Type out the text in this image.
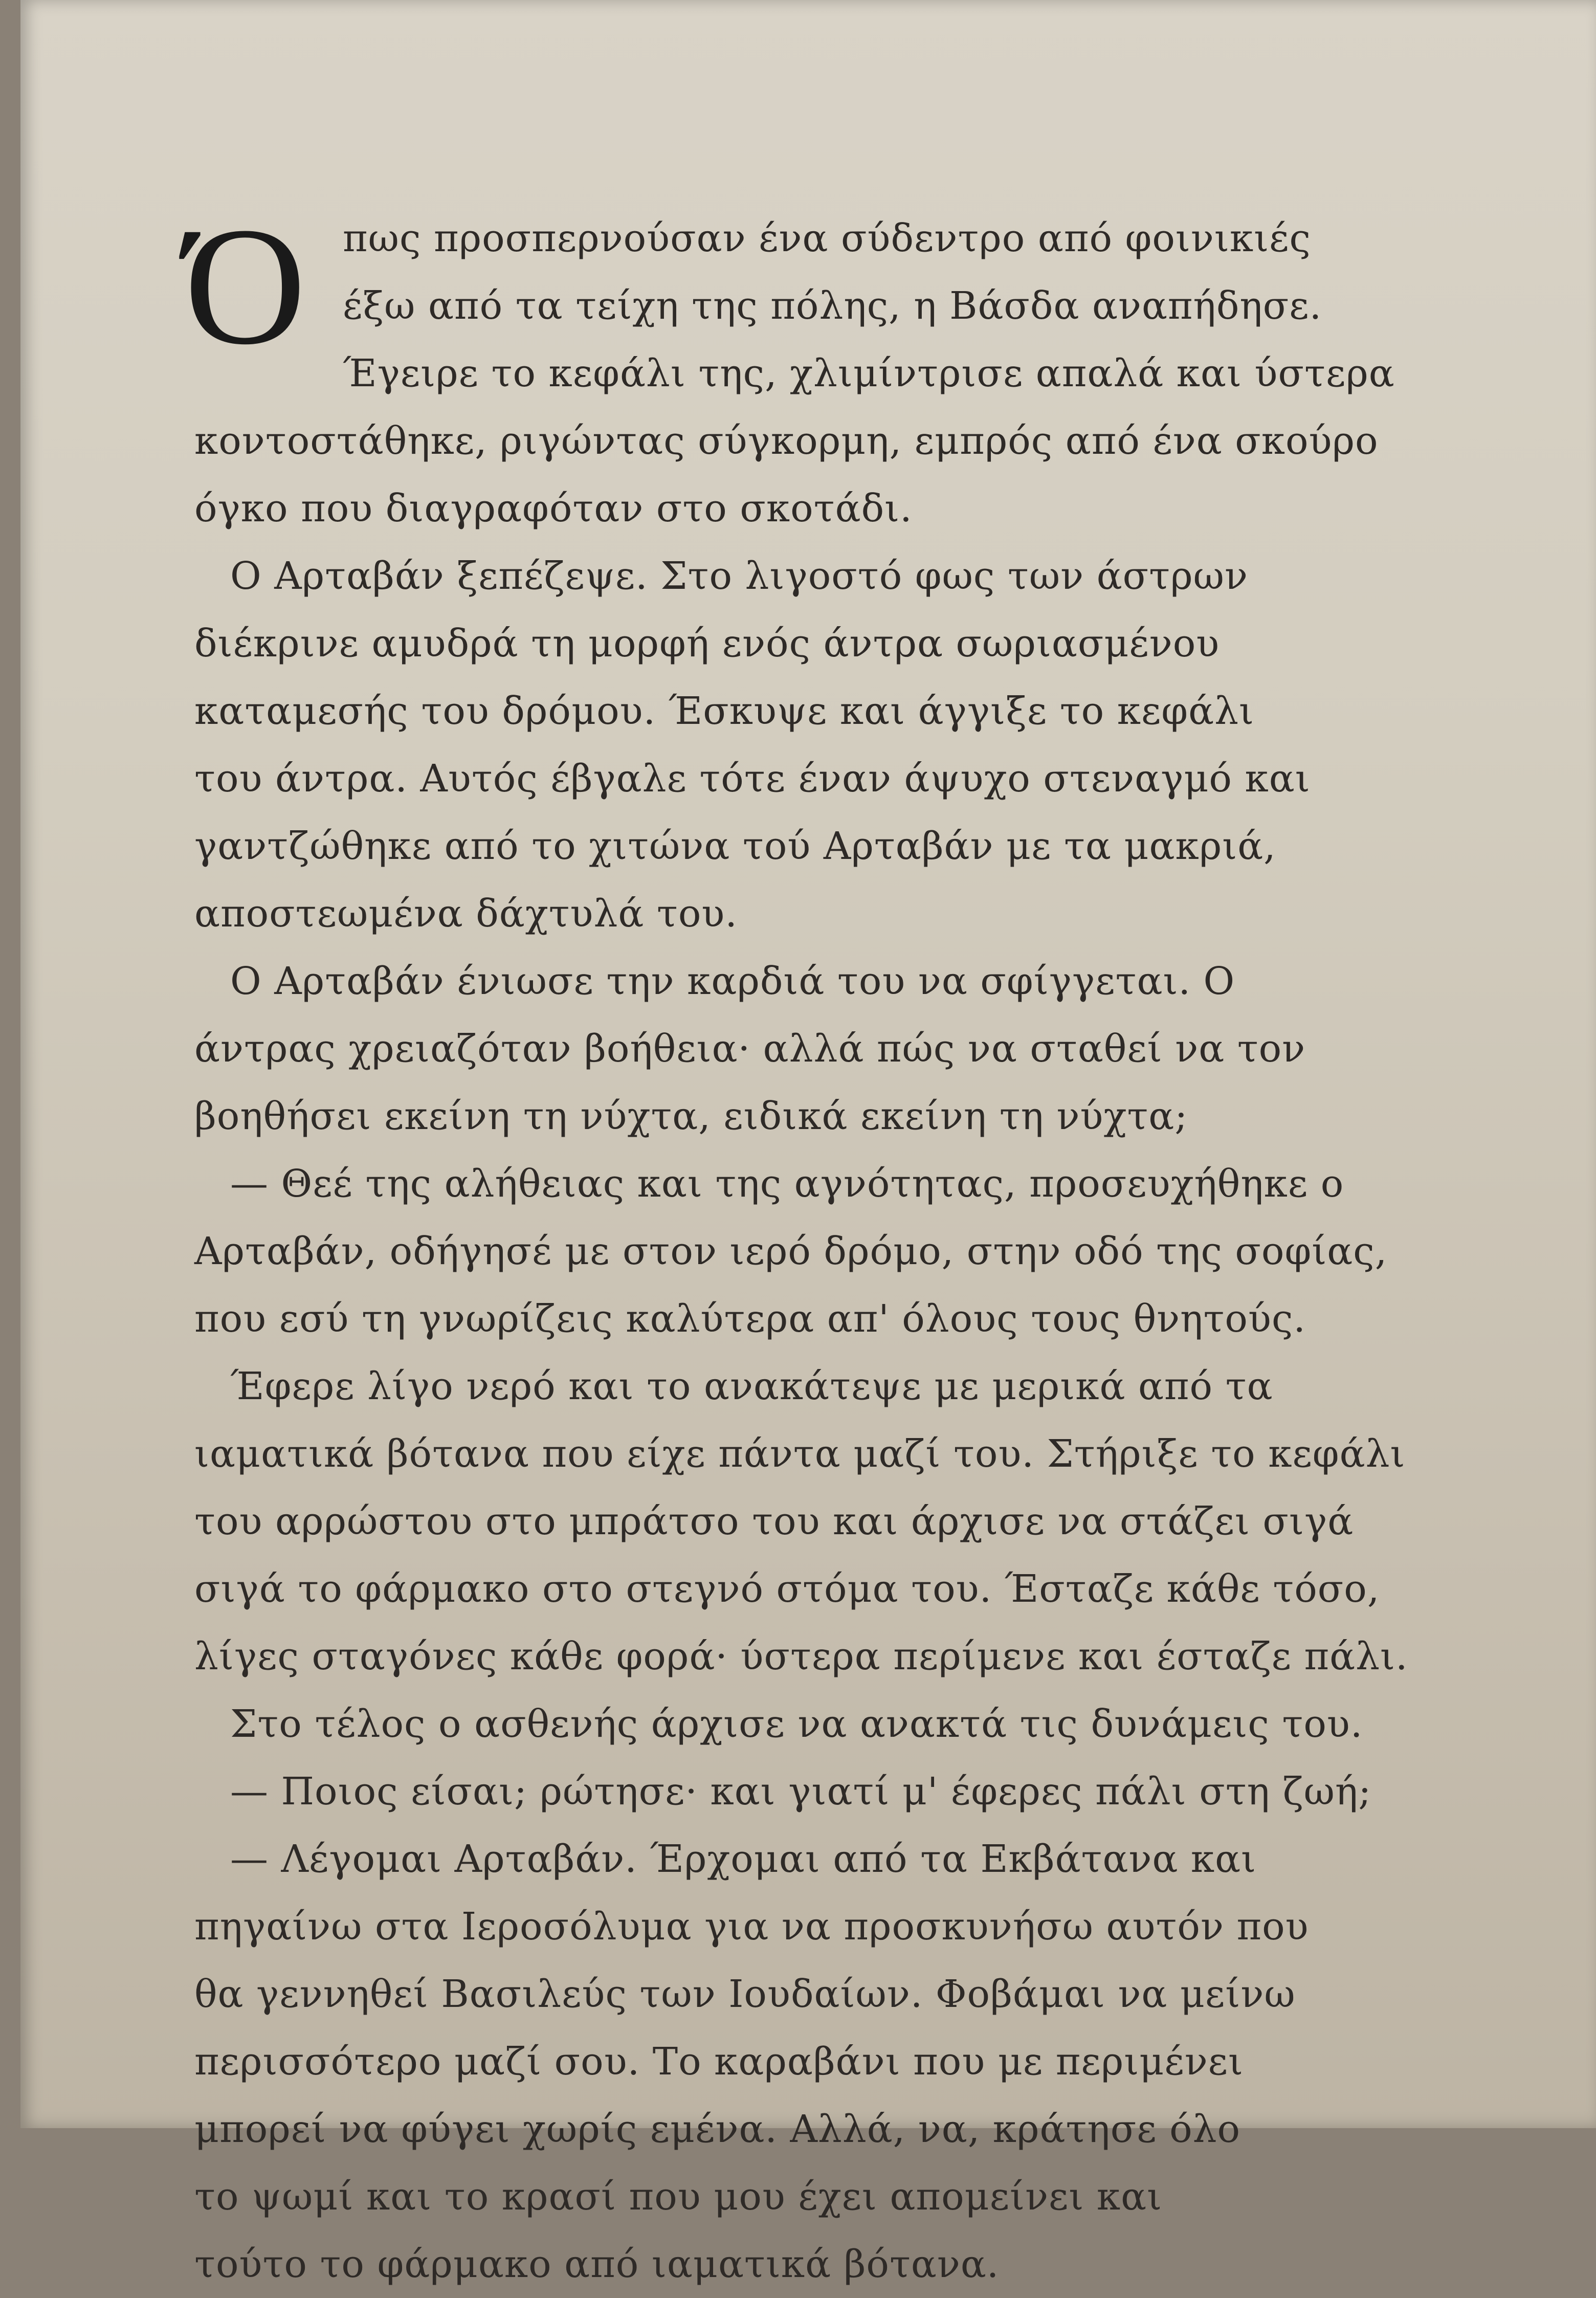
Ό πως προσπερνούσαν ένα σύδεντρο από φοινικιές
έξω από τα τείχη της πόλης, η Βάσδα αναπήδησε.
Έγειρε το κεφάλι της, χλιμίντρισε απαλά και ύστερα
κοντοστάθηκε, ριγώντας σύγκορμη, εμπρός από ένα σκούρο
όγκο που διαγραφόταν στο σκοτάδι.
Ο Αρταβάν ξεπέζεψε. Στο λιγοστό φως των άστρων
διέκρινε αμυδρά τη μορφή ενός άντρα σωριασμένου
καταμεσής του δρόμου. Έσκυψε και άγγιξε το κεφάλι
του άντρα. Αυτός έβγαλε τότε έναν άψυχο στεναγμό και
γαντζώθηκε από το χιτώνα τού Αρταβάν με τα μακριά,
αποστεωμένα δάχτυλά του.
Ο Αρταβάν ένιωσε την καρδιά του να σφίγγεται. Ο
άντρας χρειαζόταν βοήθεια· αλλά πώς να σταθεί να τον
βοηθήσει εκείνη τη νύχτα, ειδικά εκείνη τη νύχτα;
— Θεέ της αλήθειας και της αγνότητας, προσευχήθηκε ο
Αρταβάν, οδήγησέ με στον ιερό δρόμο, στην οδό της σοφίας,
που εσύ τη γνωρίζεις καλύτερα απ' όλους τους θνητούς.
Έφερε λίγο νερό και το ανακάτεψε με μερικά από τα
ιαματικά βότανα που είχε πάντα μαζί του. Στήριξε το κεφάλι
του αρρώστου στο μπράτσο του και άρχισε να στάζει σιγά
σιγά το φάρμακο στο στεγνό στόμα του. Έσταζε κάθε τόσο,
λίγες σταγόνες κάθε φορά· ύστερα περίμενε και έσταζε πάλι.
Στο τέλος ο ασθενής άρχισε να ανακτά τις δυνάμεις του.
— Ποιος είσαι; ρώτησε· και γιατί μ' έφερες πάλι στη ζωή;
— Λέγομαι Αρταβάν. Έρχομαι από τα Εκβάτανα και
πηγαίνω στα Ιεροσόλυμα για να προσκυνήσω αυτόν που
θα γεννηθεί Βασιλεύς των Ιουδαίων. Φοβάμαι να μείνω
περισσότερο μαζί σου. Το καραβάνι που με περιμένει
μπορεί να φύγει χωρίς εμένα. Αλλά, να, κράτησε όλο
το ψωμί και το κρασί που μου έχει απομείνει και
τούτο το φάρμακο από ιαματικά βότανα.
